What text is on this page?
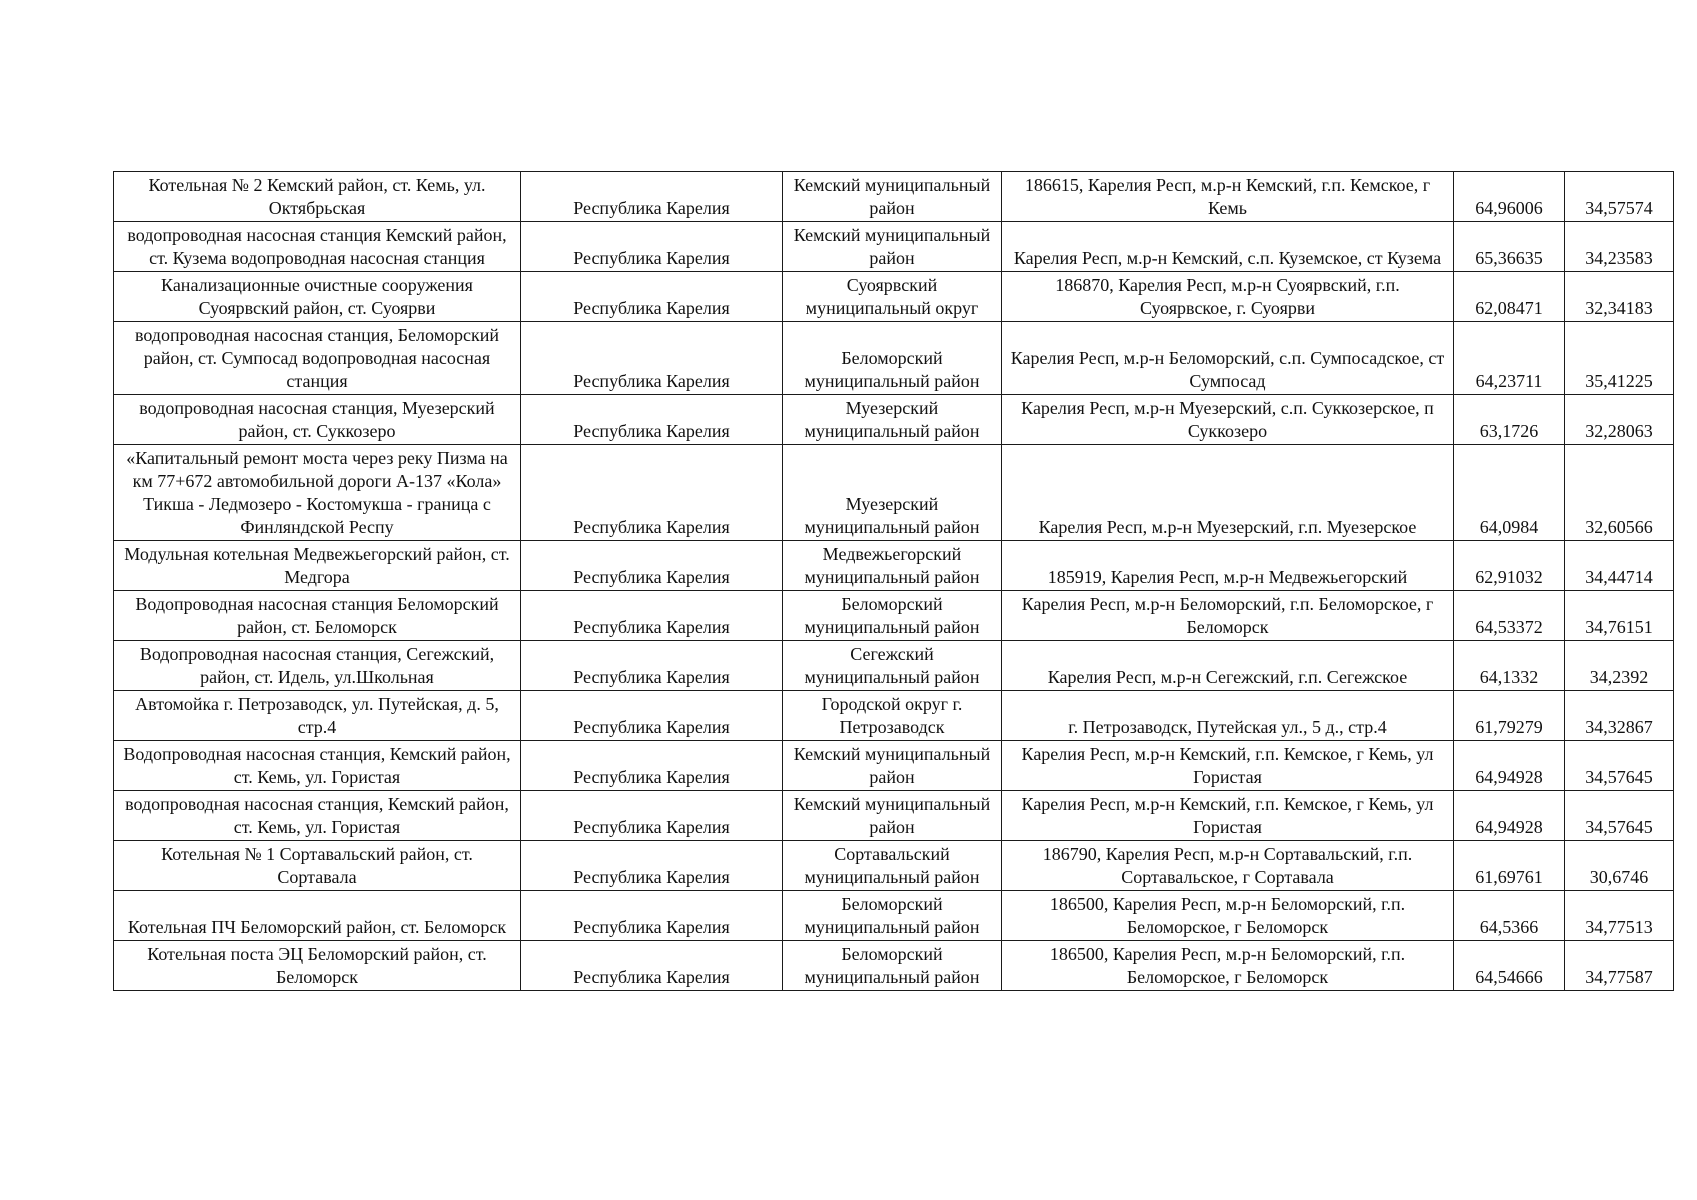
Котельная № 2 Кемский район, ст. Кемь, ул. Октябрьская	Республика Карелия	Кемский муниципальный район	186615, Карелия Респ, м.р-н Кемский, г.п. Кемское, г Кемь	64,96006	34,57574
водопроводная насосная станция Кемский район, ст. Кузема водопроводная насосная станция	Республика Карелия	Кемский муниципальный район	Карелия Респ, м.р-н Кемский, с.п. Куземское, ст Кузема	65,36635	34,23583
Канализационные очистные сооружения Суоярвский район, ст. Суоярви	Республика Карелия	Суоярвский муниципальный округ	186870, Карелия Респ, м.р-н Суоярвский, г.п. Суоярвское, г. Суоярви	62,08471	32,34183
водопроводная насосная станция, Беломорский район, ст. Сумпосад водопроводная насосная станция	Республика Карелия	Беломорский муниципальный район	Карелия Респ, м.р-н Беломорский, с.п. Сумпосадское, ст Сумпосад	64,23711	35,41225
водопроводная насосная станция, Муезерский район, ст. Суккозеро	Республика Карелия	Муезерский муниципальный район	Карелия Респ, м.р-н Муезерский, с.п. Суккозерское, п Суккозеро	63,1726	32,28063
«Капитальный ремонт моста через реку Пизма на км 77+672 автомобильной дороги А-137 «Кола» Тикша - Ледмозеро - Костомукша - граница с Финляндской Респу	Республика Карелия	Муезерский муниципальный район	Карелия Респ, м.р-н Муезерский, г.п. Муезерское	64,0984	32,60566
Модульная котельная Медвежьегорский район, ст. Медгора	Республика Карелия	Медвежьегорский муниципальный район	185919, Карелия Респ, м.р-н Медвежьегорский	62,91032	34,44714
Водопроводная насосная станция Беломорский район, ст. Беломорск	Республика Карелия	Беломорский муниципальный район	Карелия Респ, м.р-н Беломорский, г.п. Беломорское, г Беломорск	64,53372	34,76151
Водопроводная насосная станция, Сегежский, район, ст. Идель, ул.Школьная	Республика Карелия	Сегежский муниципальный район	Карелия Респ, м.р-н Сегежский, г.п. Сегежское	64,1332	34,2392
Автомойка г. Петрозаводск, ул. Путейская, д. 5, стр.4	Республика Карелия	Городской округ г. Петрозаводск	г. Петрозаводск, Путейская ул., 5 д., стр.4	61,79279	34,32867
Водопроводная насосная станция, Кемский район, ст. Кемь, ул. Гористая	Республика Карелия	Кемский муниципальный район	Карелия Респ, м.р-н Кемский, г.п. Кемское, г Кемь, ул Гористая	64,94928	34,57645
водопроводная насосная станция, Кемский район, ст. Кемь, ул. Гористая	Республика Карелия	Кемский муниципальный район	Карелия Респ, м.р-н Кемский, г.п. Кемское, г Кемь, ул Гористая	64,94928	34,57645
Котельная № 1 Сортавальский район, ст. Сортавала	Республика Карелия	Сортавальский муниципальный район	186790, Карелия Респ, м.р-н Сортавальский, г.п. Сортавальское, г Сортавала	61,69761	30,6746
Котельная ПЧ Беломорский район, ст. Беломорск	Республика Карелия	Беломорский муниципальный район	186500, Карелия Респ, м.р-н Беломорский, г.п. Беломорское, г Беломорск	64,5366	34,77513
Котельная поста ЭЦ Беломорский район, ст. Беломорск	Республика Карелия	Беломорский муниципальный район	186500, Карелия Респ, м.р-н Беломорский, г.п. Беломорское, г Беломорск	64,54666	34,77587
